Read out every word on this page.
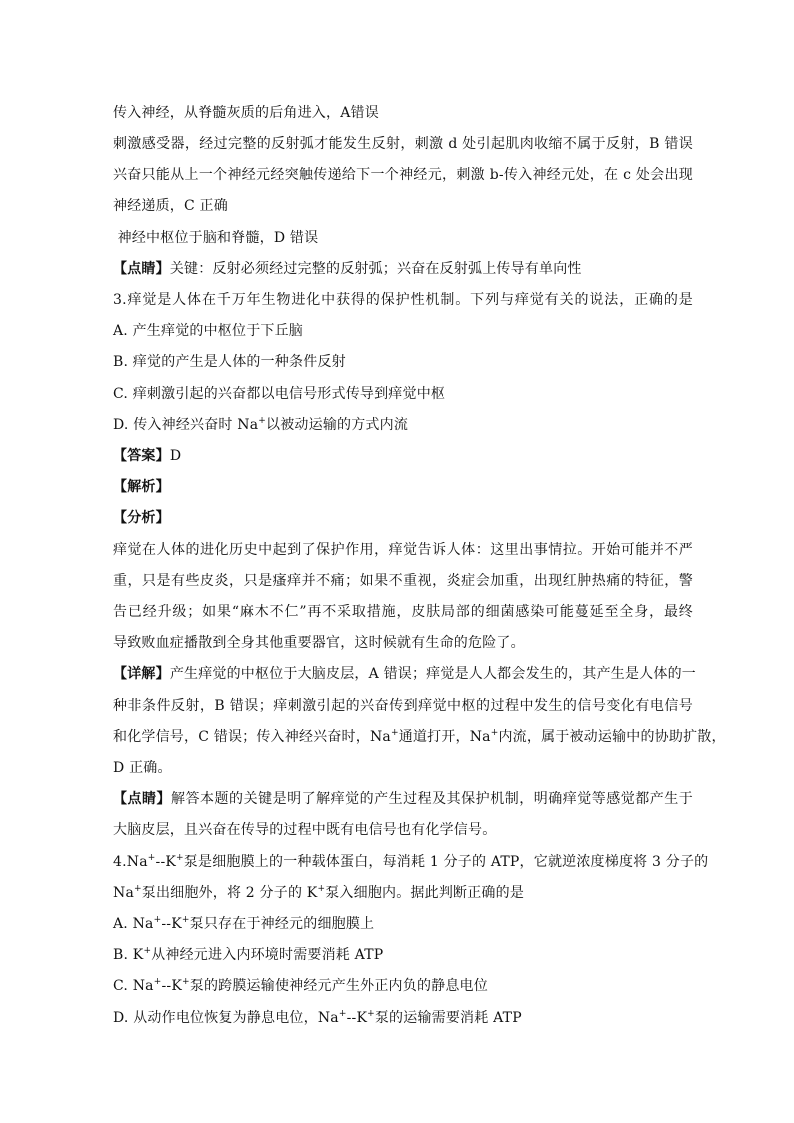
传入神经，从脊髓灰质的后角进入，A错误
刺激感受器，经过完整的反射弧才能发生反射，刺激 d 处引起肌肉收缩不属于反射，B 错误
兴奋只能从上一个神经元经突触传递给下一个神经元，刺激 b-传入神经元处，在 c 处会出现
神经递质，C 正确
神经中枢位于脑和脊髓，D 错误
【点睛】关键：反射必须经过完整的反射弧；兴奋在反射弧上传导有单向性
3.痒觉是人体在千万年生物进化中获得的保护性机制。下列与痒觉有关的说法，正确的是
A. 产生痒觉的中枢位于下丘脑
B. 痒觉的产生是人体的一种条件反射
C. 痒刺激引起的兴奋都以电信号形式传导到痒觉中枢
D. 传入神经兴奋时 Na+以被动运输的方式内流
【答案】D
【解析】
【分析】
痒觉在人体的进化历史中起到了保护作用，痒觉告诉人体：这里出事情拉。开始可能并不严
重，只是有些皮炎，只是瘙痒并不痛；如果不重视，炎症会加重，出现红肿热痛的特征，警
告已经升级；如果“麻木不仁”再不采取措施，皮肤局部的细菌感染可能蔓延至全身，最终
导致败血症播散到全身其他重要器官，这时候就有生命的危险了。
【详解】产生痒觉的中枢位于大脑皮层，A 错误；痒觉是人人都会发生的，其产生是人体的一
种非条件反射，B 错误；痒刺激引起的兴奋传到痒觉中枢的过程中发生的信号变化有电信号
和化学信号，C 错误；传入神经兴奋时，Na+通道打开，Na+内流，属于被动运输中的协助扩散，
D 正确。
【点睛】解答本题的关键是明了解痒觉的产生过程及其保护机制，明确痒觉等感觉都产生于
大脑皮层，且兴奋在传导的过程中既有电信号也有化学信号。
4.Na+--K+泵是细胞膜上的一种载体蛋白，每消耗 1 分子的 ATP，它就逆浓度梯度将 3 分子的
Na+泵出细胞外，将 2 分子的 K+泵入细胞内。据此判断正确的是
A. Na+--K+泵只存在于神经元的细胞膜上
B. K+从神经元进入内环境时需要消耗 ATP
C. Na+--K+泵的跨膜运输使神经元产生外正内负的静息电位
D. 从动作电位恢复为静息电位，Na+--K+泵的运输需要消耗 ATP
